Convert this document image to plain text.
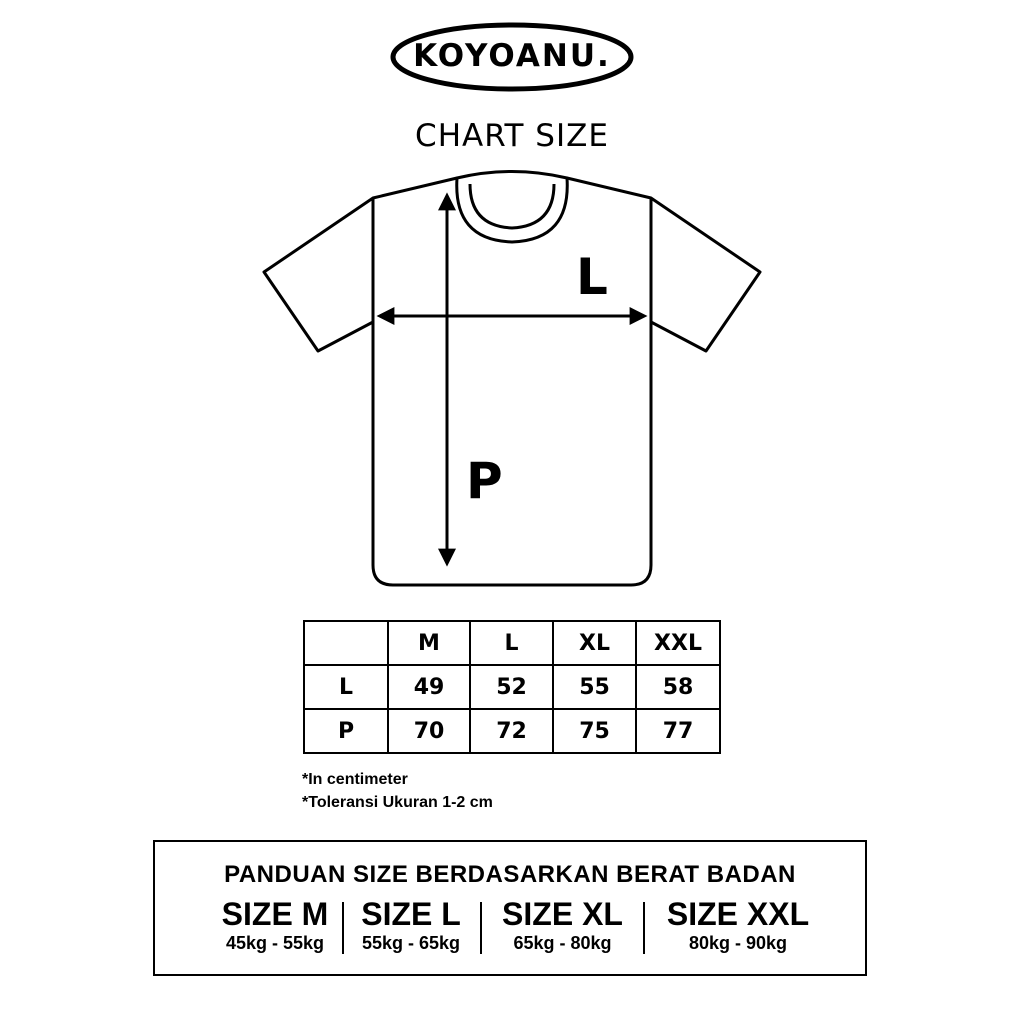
KOYOANU.
CHART SIZE
L
P
	M	L	XL	XXL
L	49	52	55	58
P	70	72	75	77
*In centimeter
*Toleransi Ukuran 1-2 cm
PANDUAN SIZE BERDASARKAN BERAT BADAN
SIZE M
45kg - 55kg
SIZE L
55kg - 65kg
SIZE XL
65kg - 80kg
SIZE XXL
80kg - 90kg
